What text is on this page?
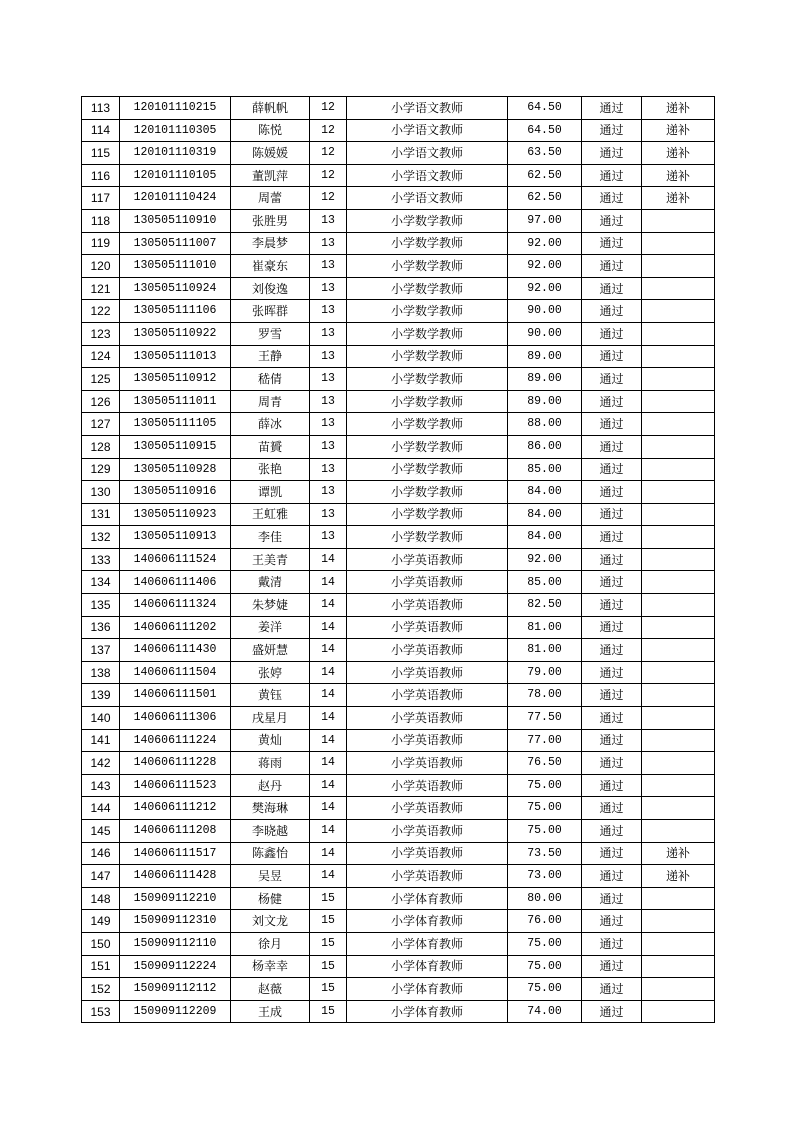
113	120101110215	薛帆帆	12	小学语文教师	64.50	通过	递补
114	120101110305	陈悦	12	小学语文教师	64.50	通过	递补
115	120101110319	陈媛媛	12	小学语文教师	63.50	通过	递补
116	120101110105	董凯萍	12	小学语文教师	62.50	通过	递补
117	120101110424	周蕾	12	小学语文教师	62.50	通过	递补
118	130505110910	张胜男	13	小学数学教师	97.00	通过	
119	130505111007	李晨梦	13	小学数学教师	92.00	通过	
120	130505111010	崔豪东	13	小学数学教师	92.00	通过	
121	130505110924	刘俊逸	13	小学数学教师	92.00	通过	
122	130505111106	张晖群	13	小学数学教师	90.00	通过	
123	130505110922	罗雪	13	小学数学教师	90.00	通过	
124	130505111013	王静	13	小学数学教师	89.00	通过	
125	130505110912	嵇倩	13	小学数学教师	89.00	通过	
126	130505111011	周青	13	小学数学教师	89.00	通过	
127	130505111105	薛冰	13	小学数学教师	88.00	通过	
128	130505110915	苗贇	13	小学数学教师	86.00	通过	
129	130505110928	张艳	13	小学数学教师	85.00	通过	
130	130505110916	谭凯	13	小学数学教师	84.00	通过	
131	130505110923	王虹雅	13	小学数学教师	84.00	通过	
132	130505110913	李佳	13	小学数学教师	84.00	通过	
133	140606111524	王美青	14	小学英语教师	92.00	通过	
134	140606111406	戴清	14	小学英语教师	85.00	通过	
135	140606111324	朱梦婕	14	小学英语教师	82.50	通过	
136	140606111202	姜洋	14	小学英语教师	81.00	通过	
137	140606111430	盛妍慧	14	小学英语教师	81.00	通过	
138	140606111504	张婷	14	小学英语教师	79.00	通过	
139	140606111501	黄钰	14	小学英语教师	78.00	通过	
140	140606111306	戌星月	14	小学英语教师	77.50	通过	
141	140606111224	黄灿	14	小学英语教师	77.00	通过	
142	140606111228	蒋雨	14	小学英语教师	76.50	通过	
143	140606111523	赵丹	14	小学英语教师	75.00	通过	
144	140606111212	樊海琳	14	小学英语教师	75.00	通过	
145	140606111208	李晓越	14	小学英语教师	75.00	通过	
146	140606111517	陈鑫怡	14	小学英语教师	73.50	通过	递补
147	140606111428	吴昱	14	小学英语教师	73.00	通过	递补
148	150909112210	杨健	15	小学体育教师	80.00	通过	
149	150909112310	刘文龙	15	小学体育教师	76.00	通过	
150	150909112110	徐月	15	小学体育教师	75.00	通过	
151	150909112224	杨幸幸	15	小学体育教师	75.00	通过	
152	150909112112	赵薇	15	小学体育教师	75.00	通过	
153	150909112209	王成	15	小学体育教师	74.00	通过	
